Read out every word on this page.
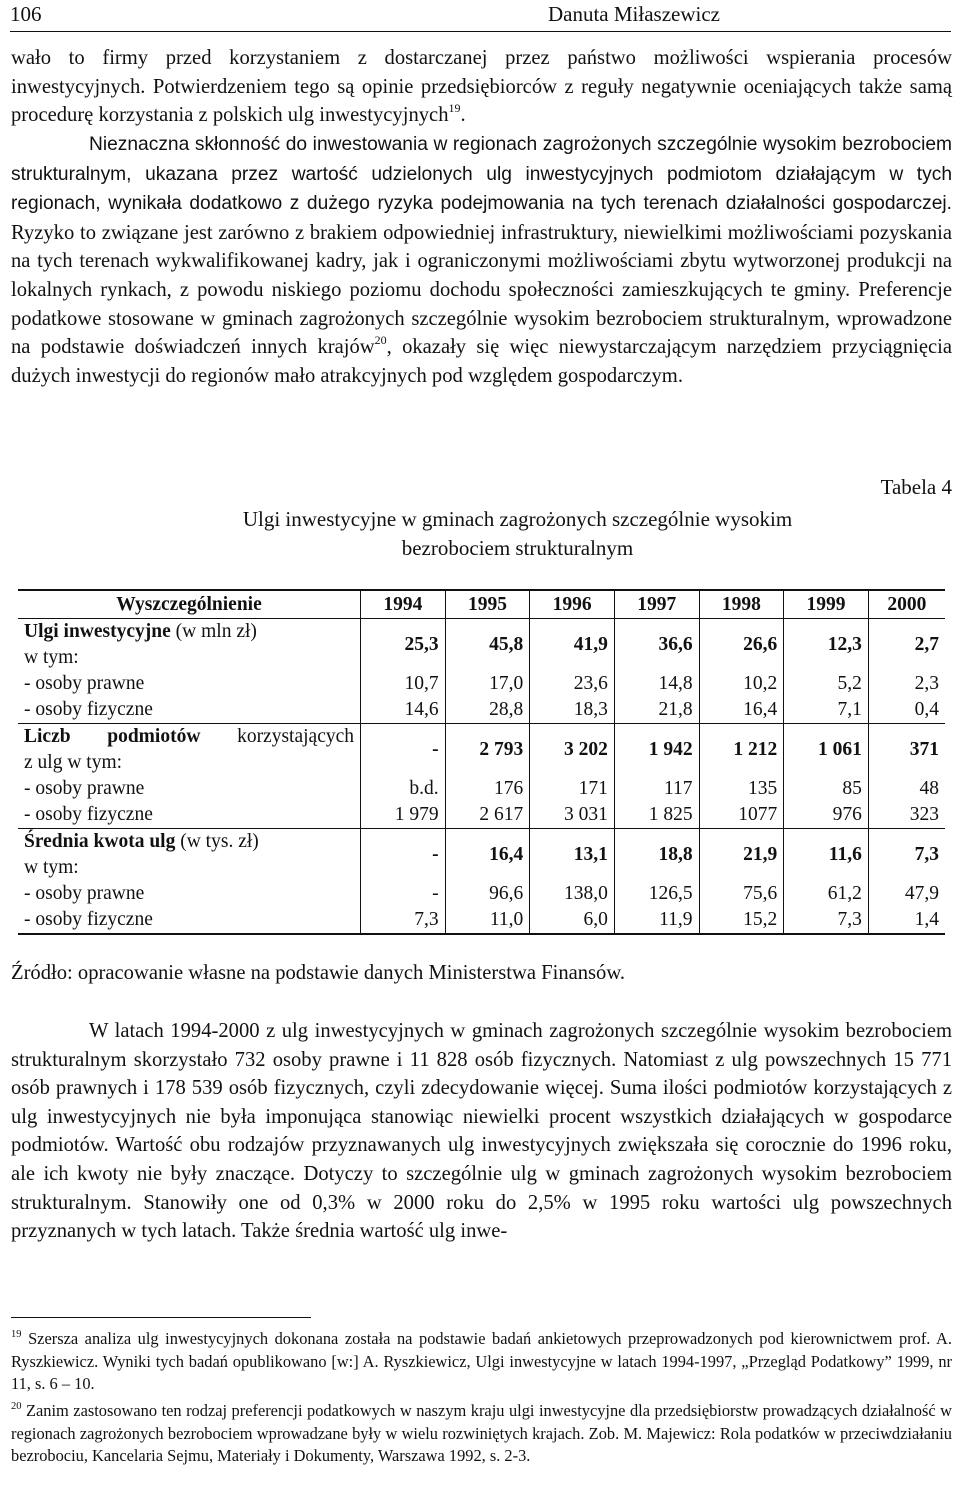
106	Danuta Miłaszewicz

wało to firmy przed korzystaniem z dostarczanej przez państwo możliwości wspierania procesów inwestycyjnych. Potwierdzeniem tego są opinie przedsiębiorców z reguły negatywnie oceniających także samą procedurę korzystania z polskich ulg inwestycyjnych$^{19}$.

Nieznaczna skłonność do inwestowania w regionach zagrożonych szczególnie wysokim bezrobociem strukturalnym, ukazana przez wartość udzielonych ulg inwestycyjnych podmiotom działającym w tych regionach, wynikała dodatkowo z dużego ryzyka podejmowania na tych terenach działalności gospodarczej. Ryzyko to związane jest zarówno z brakiem odpowiedniej infrastruktury, niewielkimi możliwościami pozyskania na tych terenach wykwalifikowanej kadry, jak i ograniczonymi możliwościami zbytu wytworzonej produkcji na lokalnych rynkach, z powodu niskiego poziomu dochodu społeczności zamieszkujących te gminy. Preferencje podatkowe stosowane w gminach zagrożonych szczególnie wysokim bezrobociem strukturalnym, wprowadzone na podstawie doświadczeń innych krajów$^{20}$, okazały się więc niewystarczającym narzędziem przyciągnięcia dużych inwestycji do regionów mało atrakcyjnych pod względem gospodarczym.

Tabela 4
Ulgi inwestycyjne w gminach zagrożonych szczególnie wysokim
bezrobociem strukturalnym
Wyszczególnienie	1994	1995	1996	1997	1998	1999	2000
Ulgi inwestycyjne (w mln zł)
w tym:	25,3	45,8	41,9	36,6	26,6	12,3	2,7
- osoby prawne	10,7	17,0	23,6	14,8	10,2	5,2	2,3
- osoby fizyczne	14,6	28,8	18,3	21,8	16,4	7,1	0,4

Liczb podmiotów korzystających
z ulg w tym:	-	2 793	3 202	1 942	1 212	1 061	371
- osoby prawne	b.d.	176	171	117	135	85	48
- osoby fizyczne	1 979	2 617	3 031	1 825	1077	976	323
Średnia kwota ulg (w tys. zł)
w tym:	-	16,4	13,1	18,8	21,9	11,6	7,3
- osoby prawne	-	96,6	138,0	126,5	75,6	61,2	47,9
- osoby fizyczne	7,3	11,0	6,0	11,9	15,2	7,3	1,4
Źródło: opracowanie własne na podstawie danych Ministerstwa Finansów.

W latach 1994-2000 z ulg inwestycyjnych w gminach zagrożonych szczególnie wysokim bezrobociem strukturalnym skorzystało 732 osoby prawne i 11 828 osób fizycznych. Natomiast z ulg powszechnych 15 771 osób prawnych i 178 539 osób fizycznych, czyli zdecydowanie więcej. Suma ilości podmiotów korzystających z ulg inwestycyjnych nie była imponująca stanowiąc niewielki procent wszystkich działających w gospodarce podmiotów. Wartość obu rodzajów przyznawanych ulg inwestycyjnych zwiększała się corocznie do 1996 roku, ale ich kwoty nie były znaczące. Dotyczy to szczególnie ulg w gminach zagrożonych wysokim bezrobociem strukturalnym. Stanowiły one od 0,3% w 2000 roku do 2,5% w 1995 roku wartości ulg powszechnych przyznanych w tych latach. Także średnia wartość ulg inwe-

$^{19}$ Szersza analiza ulg inwestycyjnych dokonana została na podstawie badań ankietowych przeprowadzonych pod kierownictwem prof. A. Ryszkiewicz. Wyniki tych badań opublikowano [w:] A. Ryszkiewicz, Ulgi inwestycyjne w latach 1994-1997, „Przegląd Podatkowy” 1999, nr 11, s. 6 – 10.

$^{20}$ Zanim zastosowano ten rodzaj preferencji podatkowych w naszym kraju ulgi inwestycyjne dla przedsiębiorstw prowadzących działalność w regionach zagrożonych bezrobociem wprowadzane były w wielu rozwiniętych krajach. Zob. M. Majewicz: Rola podatków w przeciwdziałaniu bezrobociu, Kancelaria Sejmu, Materiały i Dokumenty, Warszawa 1992, s. 2-3.
